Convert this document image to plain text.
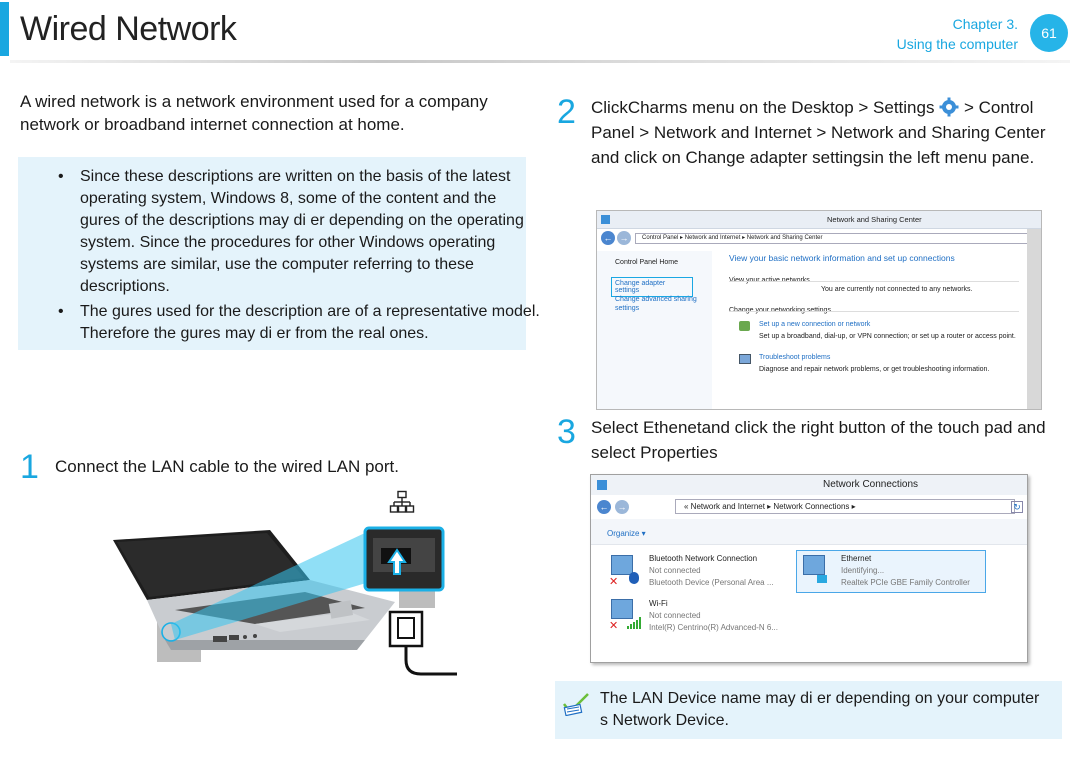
Wired Network	Chapter 3.
Using the computer
61
A wired network is a network environment used for a company network or broadband internet connection at home.
• Since these descriptions are written on the basis of the latest operating system, Windows 8, some of the content and the gures of the descriptions may di er depending on the operating system. Since the procedures for other Windows operating systems are similar, use the computer referring to these descriptions.
• The gures used for the description are of a representative model. Therefore the gures may di er from the real ones.
1 Connect the LAN cable to the wired LAN port.
2 ClickCharms menu on the Desktop > Settings  > Control Panel > Network and Internet > Network and Sharing Center and click on Change adapter settingsin the left menu pane.
Network and Sharing Center
← →	Control Panel ▸ Network and Internet ▸ Network and Sharing Center
Control Panel Home
Change adapter settings
Change advanced sharing settings
View your basic network information and set up connections
View your active networks
You are currently not connected to any networks.
Change your networking settings
Set up a new connection or network
Set up a broadband, dial-up, or VPN connection; or set up a router or access point.
Troubleshoot problems
Diagnose and repair network problems, or get troubleshooting information.
3 Select Ethenetand click the right button of the touch pad and select Properties
Network Connections
← →	« Network and Internet ▸ Network Connections ▸	↻
Organize ▾
✕
Bluetooth Network Connection
Not connected
Bluetooth Device (Personal Area ...
Ethernet
Identifying...
Realtek PCIe GBE Family Controller
✕
Wi-Fi
Not connected
Intel(R) Centrino(R) Advanced-N 6...
The LAN Device name may di er depending on your computer s Network Device.
